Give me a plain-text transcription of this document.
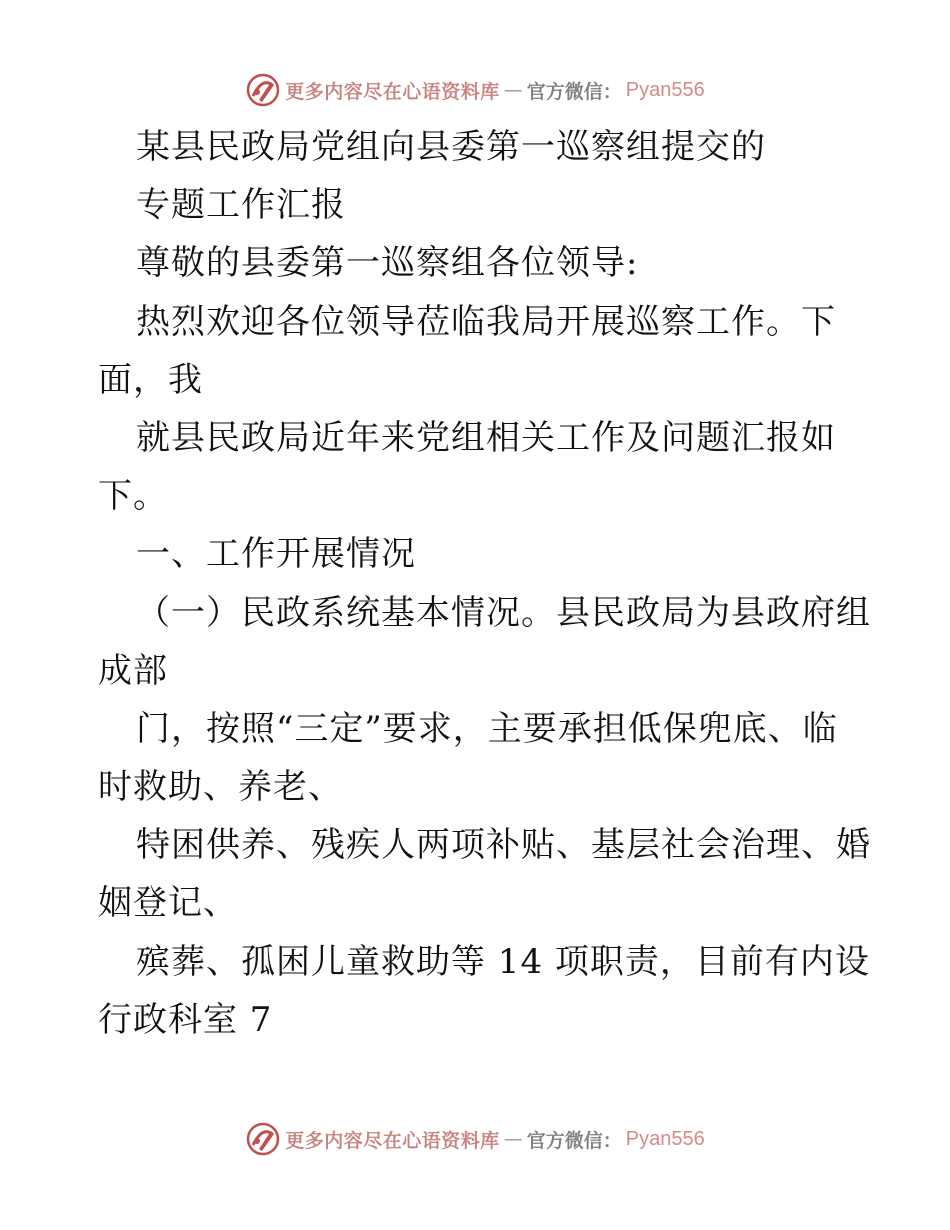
更多内容尽在心语资料库 — 官方微信： Pyan556
某县民政局党组向县委第一巡察组提交的
专题工作汇报
尊敬的县委第一巡察组各位领导:
热烈欢迎各位领导莅临我局开展巡察工作。下
面，我
就县民政局近年来党组相关工作及问题汇报如
下。
一、工作开展情况
（一）民政系统基本情况。县民政局为县政府组
成部
门，按照“三定”要求，主要承担低保兜底、临
时救助、养老、
特困供养、残疾人两项补贴、基层社会治理、婚
姻登记、
殡葬、孤困儿童救助等 14 项职责，目前有内设
行政科室 7
更多内容尽在心语资料库 — 官方微信： Pyan556
